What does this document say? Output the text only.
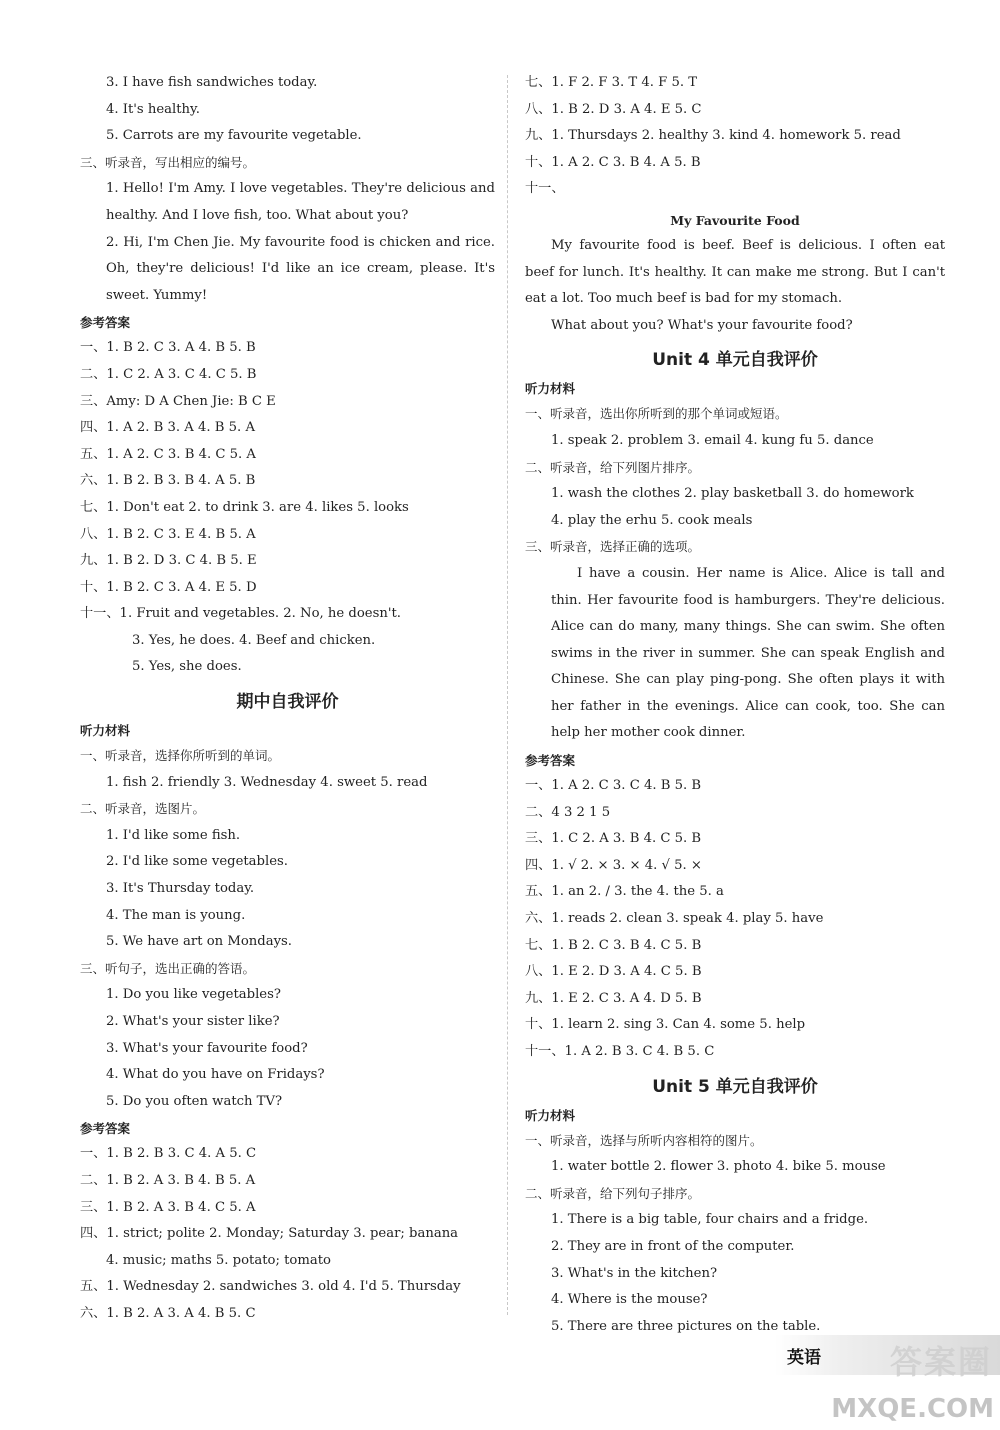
3. I have fish sandwiches today.
4. It's healthy.
5. Carrots are my favourite vegetable.
三、听录音，写出相应的编号。
1. Hello! I'm Amy. I love vegetables. They're delicious and healthy. And I love fish, too. What about you?
2. Hi, I'm Chen Jie. My favourite food is chicken and rice. Oh, they're delicious! I'd like an ice cream, please. It's sweet. Yummy!
参考答案
一、1. B 2. C 3. A 4. B 5. B
二、1. C 2. A 3. C 4. C 5. B
三、Amy: D A Chen Jie: B C E
四、1. A 2. B 3. A 4. B 5. A
五、1. A 2. C 3. B 4. C 5. A
六、1. B 2. B 3. B 4. A 5. B
七、1. Don't eat 2. to drink 3. are 4. likes 5. looks
八、1. B 2. C 3. E 4. B 5. A
九、1. B 2. D 3. C 4. B 5. E
十、1. B 2. C 3. A 4. E 5. D
十一、1. Fruit and vegetables. 2. No, he doesn't.
3. Yes, he does. 4. Beef and chicken.
5. Yes, she does.
期中自我评价
听力材料
一、听录音，选择你所听到的单词。
1. fish 2. friendly 3. Wednesday 4. sweet 5. read
二、听录音，选图片。
1. I'd like some fish.
2. I'd like some vegetables.
3. It's Thursday today.
4. The man is young.
5. We have art on Mondays.
三、听句子，选出正确的答语。
1. Do you like vegetables?
2. What's your sister like?
3. What's your favourite food?
4. What do you have on Fridays?
5. Do you often watch TV?
参考答案
一、1. B 2. B 3. C 4. A 5. C
二、1. B 2. A 3. B 4. B 5. A
三、1. B 2. A 3. B 4. C 5. A
四、1. strict; polite 2. Monday; Saturday 3. pear; banana
4. music; maths 5. potato; tomato
五、1. Wednesday 2. sandwiches 3. old 4. I'd 5. Thursday
六、1. B 2. A 3. A 4. B 5. C
七、1. F 2. F 3. T 4. F 5. T
八、1. B 2. D 3. A 4. E 5. C
九、1. Thursdays 2. healthy 3. kind 4. homework 5. read
十、1. A 2. C 3. B 4. A 5. B
十一、
My Favourite Food
My favourite food is beef. Beef is delicious. I often eat beef for lunch. It's healthy. It can make me strong. But I can't eat a lot. Too much beef is bad for my stomach.
What about you? What's your favourite food?
Unit 4 单元自我评价
听力材料
一、听录音，选出你所听到的那个单词或短语。
1. speak 2. problem 3. email 4. kung fu 5. dance
二、听录音，给下列图片排序。
1. wash the clothes 2. play basketball 3. do homework
4. play the erhu 5. cook meals
三、听录音，选择正确的选项。
I have a cousin. Her name is Alice. Alice is tall and thin. Her favourite food is hamburgers. They're delicious. Alice can do many, many things. She can swim. She often swims in the river in summer. She can speak English and Chinese. She can play ping-pong. She often plays it with her father in the evenings. Alice can cook, too. She can help her mother cook dinner.
参考答案
一、1. A 2. C 3. C 4. B 5. B
二、4 3 2 1 5
三、1. C 2. A 3. B 4. C 5. B
四、1. √ 2. × 3. × 4. √ 5. ×
五、1. an 2. / 3. the 4. the 5. a
六、1. reads 2. clean 3. speak 4. play 5. have
七、1. B 2. C 3. B 4. C 5. B
八、1. E 2. D 3. A 4. C 5. B
九、1. E 2. C 3. A 4. D 5. B
十、1. learn 2. sing 3. Can 4. some 5. help
十一、1. A 2. B 3. C 4. B 5. C
Unit 5 单元自我评价
听力材料
一、听录音，选择与所听内容相符的图片。
1. water bottle 2. flower 3. photo 4. bike 5. mouse
二、听录音，给下列句子排序。
1. There is a big table, four chairs and a fridge.
2. They are in front of the computer.
3. What's in the kitchen?
4. Where is the mouse?
5. There are three pictures on the table.
英语 答案圈
MXQE.COM
